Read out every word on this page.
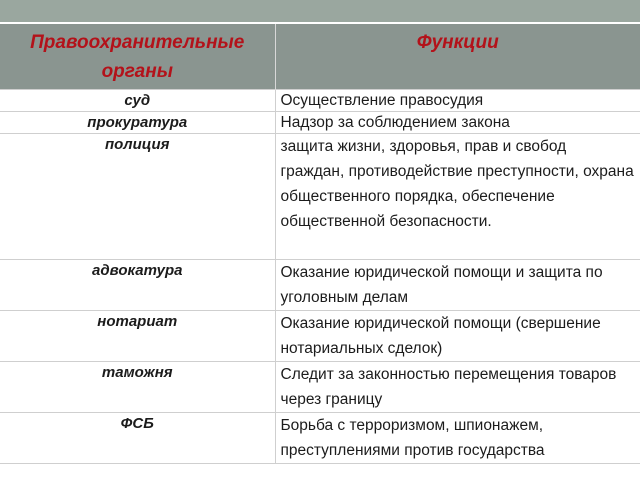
Правоохранительные органы	Функции
суд	Осуществление правосудия
прокуратура	Надзор за соблюдением закона
полиция	защита жизни, здоровья, прав и свобод граждан, противодействие преступности, охрана общественного порядка, обеспечение общественной безопасности.
адвокатура	Оказание юридической помощи и защита по уголовным делам
нотариат	Оказание юридической помощи (свершение нотариальных сделок)
таможня	Следит за законностью перемещения товаров через границу
ФСБ	Борьба с терроризмом, шпионажем, преступлениями против государства
